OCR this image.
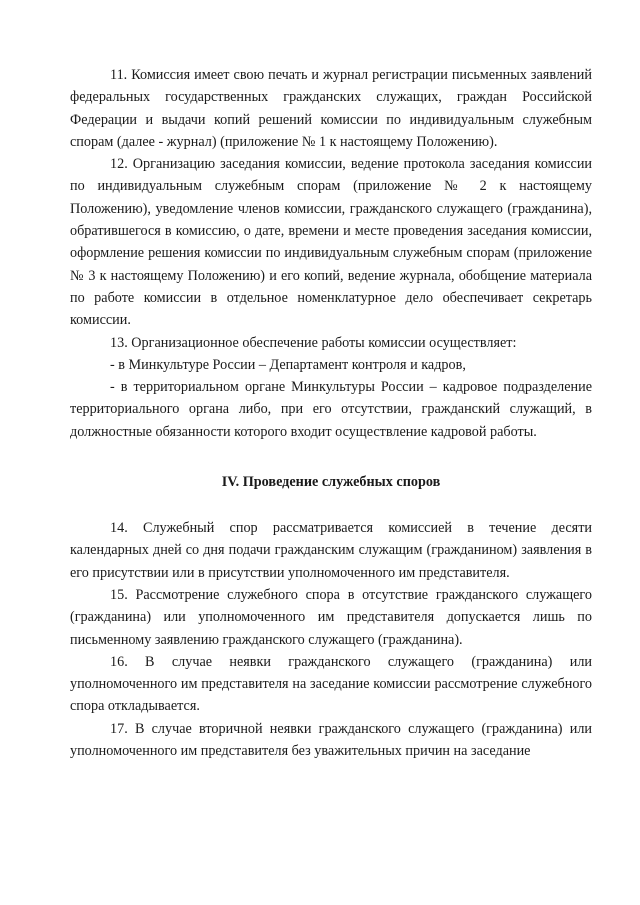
11. Комиссия имеет свою печать и журнал регистрации письменных заявлений федеральных государственных гражданских служащих, граждан Российской Федерации и выдачи копий решений комиссии по индивидуальным служебным спорам (далее - журнал) (приложение № 1 к настоящему Положению).

12. Организацию заседания комиссии, ведение протокола заседания комиссии по индивидуальным служебным спорам (приложение № 2 к настоящему Положению), уведомление членов комиссии, гражданского служащего (гражданина), обратившегося в комиссию, о дате, времени и месте проведения заседания комиссии, оформление решения комиссии по индивидуальным служебным спорам (приложение № 3 к настоящему Положению) и его копий, ведение журнала, обобщение материала по работе комиссии в отдельное номенклатурное дело обеспечивает секретарь комиссии.

13. Организационное обеспечение работы комиссии осуществляет:

- в Минкультуре России – Департамент контроля и кадров,

- в территориальном органе Минкультуры России – кадровое подразделение территориального органа либо, при его отсутствии, гражданский служащий, в должностные обязанности которого входит осуществление кадровой работы.

IV. Проведение служебных споров

14. Служебный спор рассматривается комиссией в течение десяти календарных дней со дня подачи гражданским служащим (гражданином) заявления в его присутствии или в присутствии уполномоченного им представителя.

15. Рассмотрение служебного спора в отсутствие гражданского служащего (гражданина) или уполномоченного им представителя допускается лишь по письменному заявлению гражданского служащего (гражданина).

16. В случае неявки гражданского служащего (гражданина) или уполномоченного им представителя на заседание комиссии рассмотрение служебного спора откладывается.

17. В случае вторичной неявки гражданского служащего (гражданина) или уполномоченного им представителя без уважительных причин на заседание
